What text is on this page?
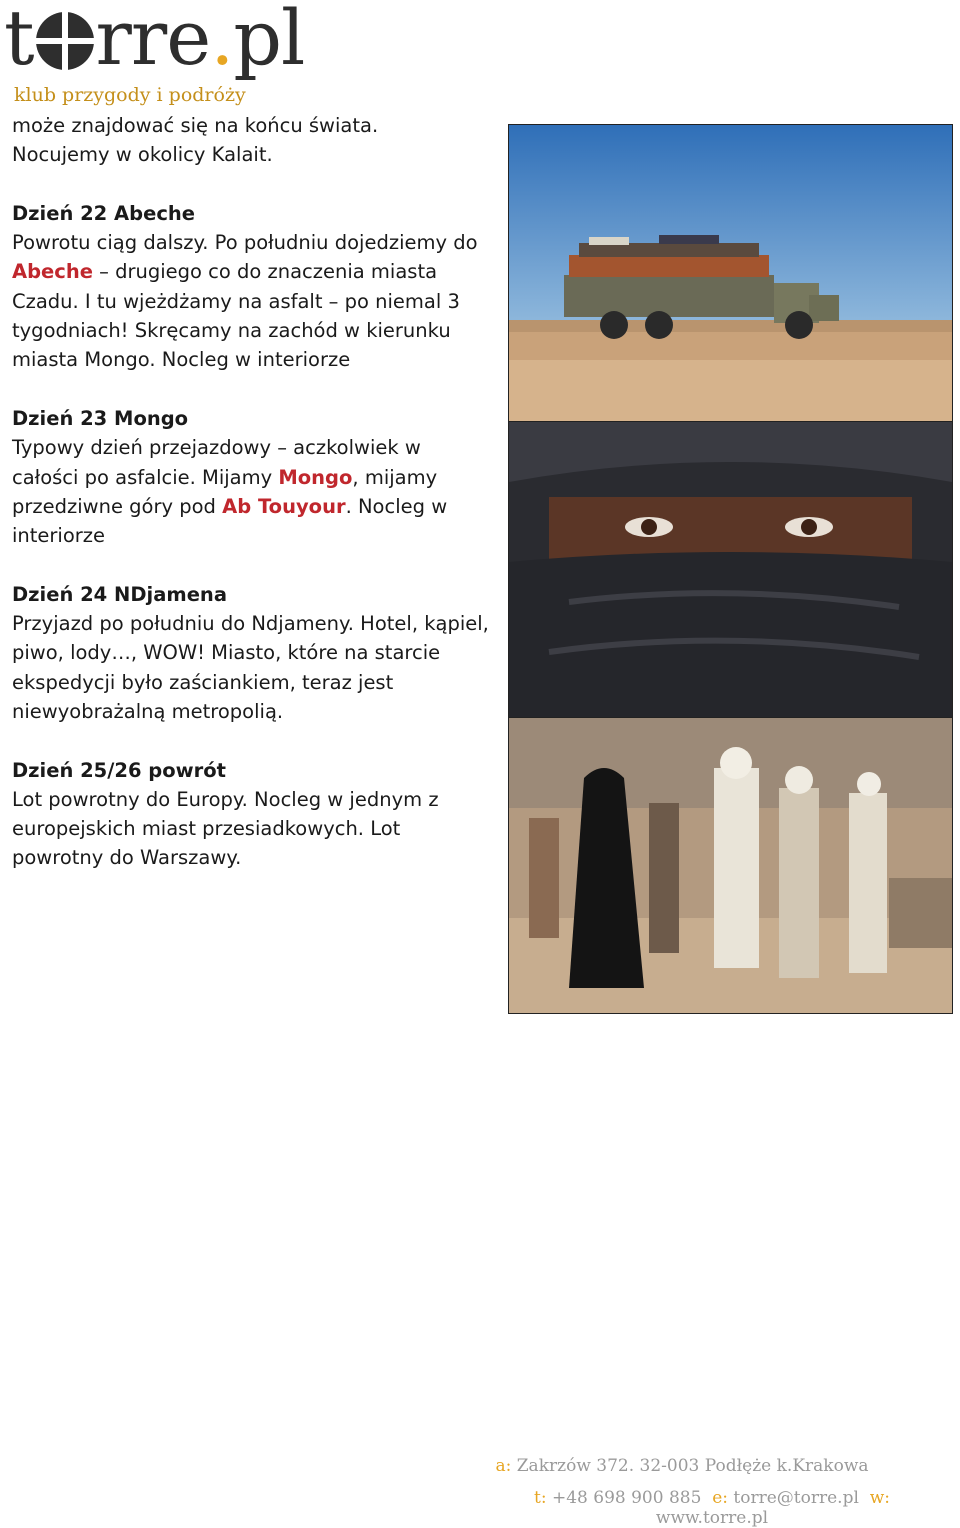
t rre . pl
klub przygody i podróży

może znajdować się na końcu świata.

Nocujemy w okolicy Kalait.

Dzień 22 Abeche

Powrotu ciąg dalszy. Po południu dojedziemy do Abeche – drugiego co do znaczenia miasta Czadu. I tu wjeżdżamy na asfalt – po niemal 3 tygodniach! Skręcamy na zachód w kierunku miasta Mongo. Nocleg w interiorze

Dzień 23 Mongo

Typowy dzień przejazdowy – aczkolwiek w całości po asfalcie. Mijamy Mongo, mijamy przedziwne góry pod Ab Touyour. Nocleg w interiorze

Dzień 24 NDjamena

Przyjazd po południu do Ndjameny. Hotel, kąpiel, piwo, lody…, WOW! Miasto, które na starcie ekspedycji było zaściankiem, teraz jest niewyobrażalną metropolią.

Dzień 25/26 powrót

Lot powrotny do Europy. Nocleg w jednym z europejskich miast przesiadkowych. Lot powrotny do Warszawy.

a: Zakrzów 372. 32-003 Podłęże k.Krakowa
t: +48 698 900 885 e: torre@torre.pl w: www.torre.pl
